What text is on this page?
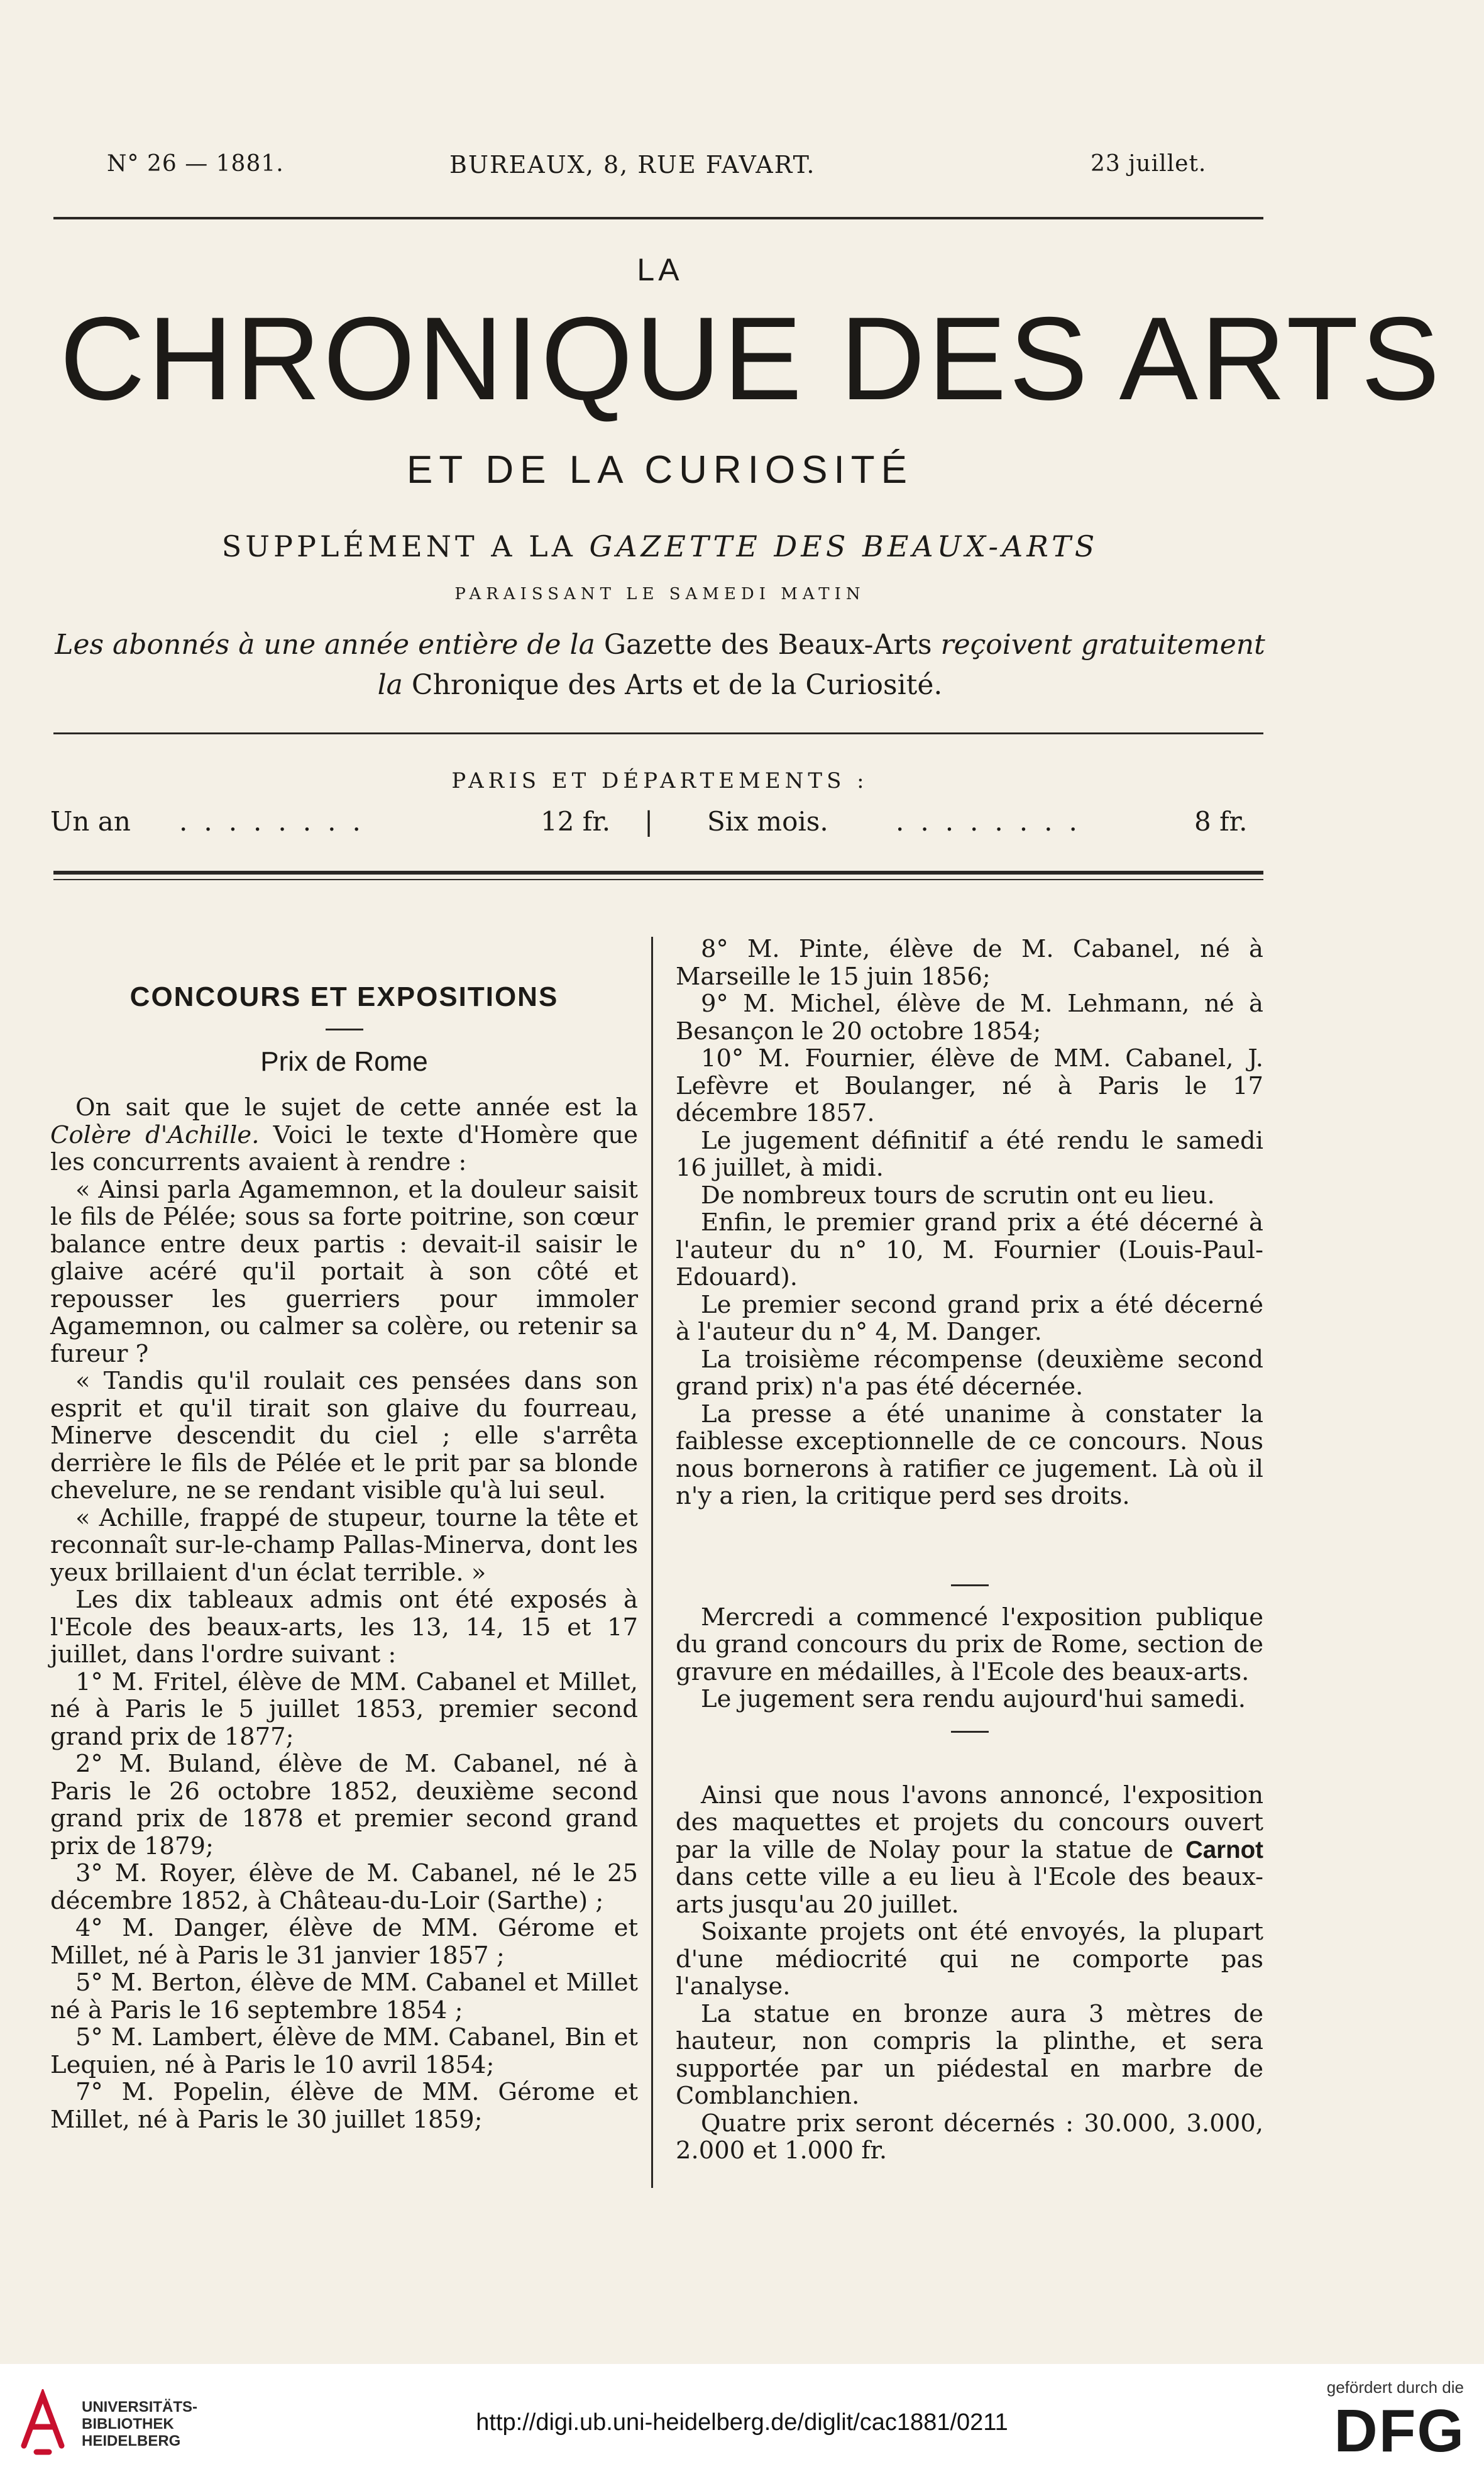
N° 26 — 1881.	BUREAUX, 8, RUE FAVART.	23 juillet.
LA
CHRONIQUE DES ARTS
ET DE LA CURIOSITÉ
SUPPLÉMENT A LA GAZETTE DES BEAUX-ARTS
PARAISSANT LE SAMEDI MATIN
Les abonnés à une année entière de la Gazette des Beaux-Arts reçoivent gratuitement
la Chronique des Arts et de la Curiosité.
PARIS ET DÉPARTEMENTS :
Un an ........	12 fr. | Six mois.	........	8 fr.
CONCOURS ET EXPOSITIONS
Prix de Rome

On sait que le sujet de cette année est la Colère d'Achille. Voici le texte d'Homère que les concurrents avaient à rendre :

« Ainsi parla Agamemnon, et la douleur saisit le fils de Pélée; sous sa forte poitrine, son cœur balance entre deux partis : devait-il saisir le glaive acéré qu'il portait à son côté et repousser les guerriers pour immoler Agamemnon, ou calmer sa colère, ou retenir sa fureur ?

« Tandis qu'il roulait ces pensées dans son esprit et qu'il tirait son glaive du fourreau, Minerve descendit du ciel ; elle s'arrêta derrière le fils de Pélée et le prit par sa blonde chevelure, ne se rendant visible qu'à lui seul.

« Achille, frappé de stupeur, tourne la tête et reconnaît sur-le-champ Pallas-Minerva, dont les yeux brillaient d'un éclat terrible. »

Les dix tableaux admis ont été exposés à l'Ecole des beaux-arts, les 13, 14, 15 et 17 juillet, dans l'ordre suivant :

1° M. Fritel, élève de MM. Cabanel et Millet, né à Paris le 5 juillet 1853, premier second grand prix de 1877;

2° M. Buland, élève de M. Cabanel, né à Paris le 26 octobre 1852, deuxième second grand prix de 1878 et premier second grand prix de 1879;

3° M. Royer, élève de M. Cabanel, né le 25 décembre 1852, à Château-du-Loir (Sarthe) ;

4° M. Danger, élève de MM. Gérome et Millet, né à Paris le 31 janvier 1857 ;

5° M. Berton, élève de MM. Cabanel et Millet né à Paris le 16 septembre 1854 ;

5° M. Lambert, élève de MM. Cabanel, Bin et Lequien, né à Paris le 10 avril 1854;

7° M. Popelin, élève de MM. Gérome et Millet, né à Paris le 30 juillet 1859;

8° M. Pinte, élève de M. Cabanel, né à Marseille le 15 juin 1856;

9° M. Michel, élève de M. Lehmann, né à Besançon le 20 octobre 1854;

10° M. Fournier, élève de MM. Cabanel, J. Lefèvre et Boulanger, né à Paris le 17 décembre 1857.

Le jugement définitif a été rendu le samedi 16 juillet, à midi.

De nombreux tours de scrutin ont eu lieu.

Enfin, le premier grand prix a été décerné à l'auteur du n° 10, M. Fournier (Louis-Paul-Edouard).

Le premier second grand prix a été décerné à l'auteur du n° 4, M. Danger.

La troisième récompense (deuxième second grand prix) n'a pas été décernée.

La presse a été unanime à constater la faiblesse exceptionnelle de ce concours. Nous nous bornerons à ratifier ce jugement. Là où il n'y a rien, la critique perd ses droits.

Mercredi a commencé l'exposition publique du grand concours du prix de Rome, section de gravure en médailles, à l'Ecole des beaux-arts.

Le jugement sera rendu aujourd'hui samedi.

Ainsi que nous l'avons annoncé, l'exposition des maquettes et projets du concours ouvert par la ville de Nolay pour la statue de Carnot dans cette ville a eu lieu à l'Ecole des beaux-arts jusqu'au 20 juillet.

Soixante projets ont été envoyés, la plupart d'une médiocrité qui ne comporte pas l'analyse.

La statue en bronze aura 3 mètres de hauteur, non compris la plinthe, et sera supportée par un piédestal en marbre de Comblanchien.

Quatre prix seront décernés : 30.000, 3.000, 2.000 et 1.000 fr.

UNIVERSITÄTS-
BIBLIOTHEK
HEIDELBERG
http://digi.ub.uni-heidelberg.de/diglit/cac1881/0211
gefördert durch die
DFG
